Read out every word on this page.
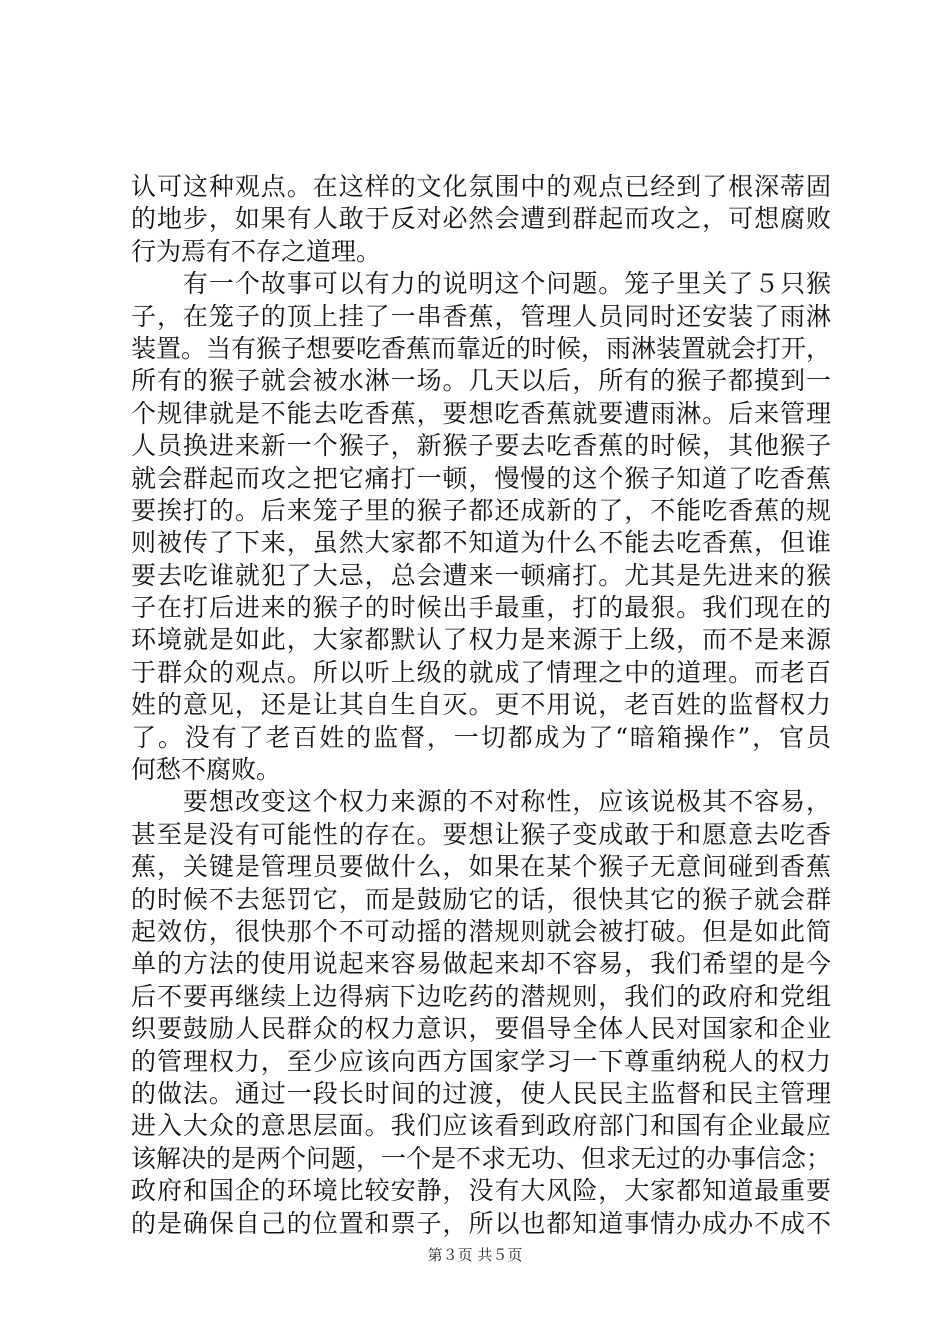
认可这种观点。在这样的文化氛围中的观点已经到了根深蒂固
的地步，如果有人敢于反对必然会遭到群起而攻之，可想腐败
行为焉有不存之道理。
　　有一个故事可以有力的说明这个问题。笼子里关了５只猴
子，在笼子的顶上挂了一串香蕉，管理人员同时还安装了雨淋
装置。当有猴子想要吃香蕉而靠近的时候，雨淋装置就会打开，
所有的猴子就会被水淋一场。几天以后，所有的猴子都摸到一
个规律就是不能去吃香蕉，要想吃香蕉就要遭雨淋。后来管理
人员换进来新一个猴子，新猴子要去吃香蕉的时候，其他猴子
就会群起而攻之把它痛打一顿，慢慢的这个猴子知道了吃香蕉
要挨打的。后来笼子里的猴子都还成新的了，不能吃香蕉的规
则被传了下来，虽然大家都不知道为什么不能去吃香蕉，但谁
要去吃谁就犯了大忌，总会遭来一顿痛打。尤其是先进来的猴
子在打后进来的猴子的时候出手最重，打的最狠。我们现在的
环境就是如此，大家都默认了权力是来源于上级，而不是来源
于群众的观点。所以听上级的就成了情理之中的道理。而老百
姓的意见，还是让其自生自灭。更不用说，老百姓的监督权力
了。没有了老百姓的监督，一切都成为了“暗箱操作”，官员
何愁不腐败。
　　要想改变这个权力来源的不对称性，应该说极其不容易，
甚至是没有可能性的存在。要想让猴子变成敢于和愿意去吃香
蕉，关键是管理员要做什么，如果在某个猴子无意间碰到香蕉
的时候不去惩罚它，而是鼓励它的话，很快其它的猴子就会群
起效仿，很快那个不可动摇的潜规则就会被打破。但是如此简
单的方法的使用说起来容易做起来却不容易，我们希望的是今
后不要再继续上边得病下边吃药的潜规则，我们的政府和党组
织要鼓励人民群众的权力意识，要倡导全体人民对国家和企业
的管理权力，至少应该向西方国家学习一下尊重纳税人的权力
的做法。通过一段长时间的过渡，使人民民主监督和民主管理
进入大众的意思层面。我们应该看到政府部门和国有企业最应
该解决的是两个问题，一个是不求无功、但求无过的办事信念；
政府和国企的环境比较安静，没有大风险，大家都知道最重要
的是确保自己的位置和票子，所以也都知道事情办成办不成不
第３页 共５页
